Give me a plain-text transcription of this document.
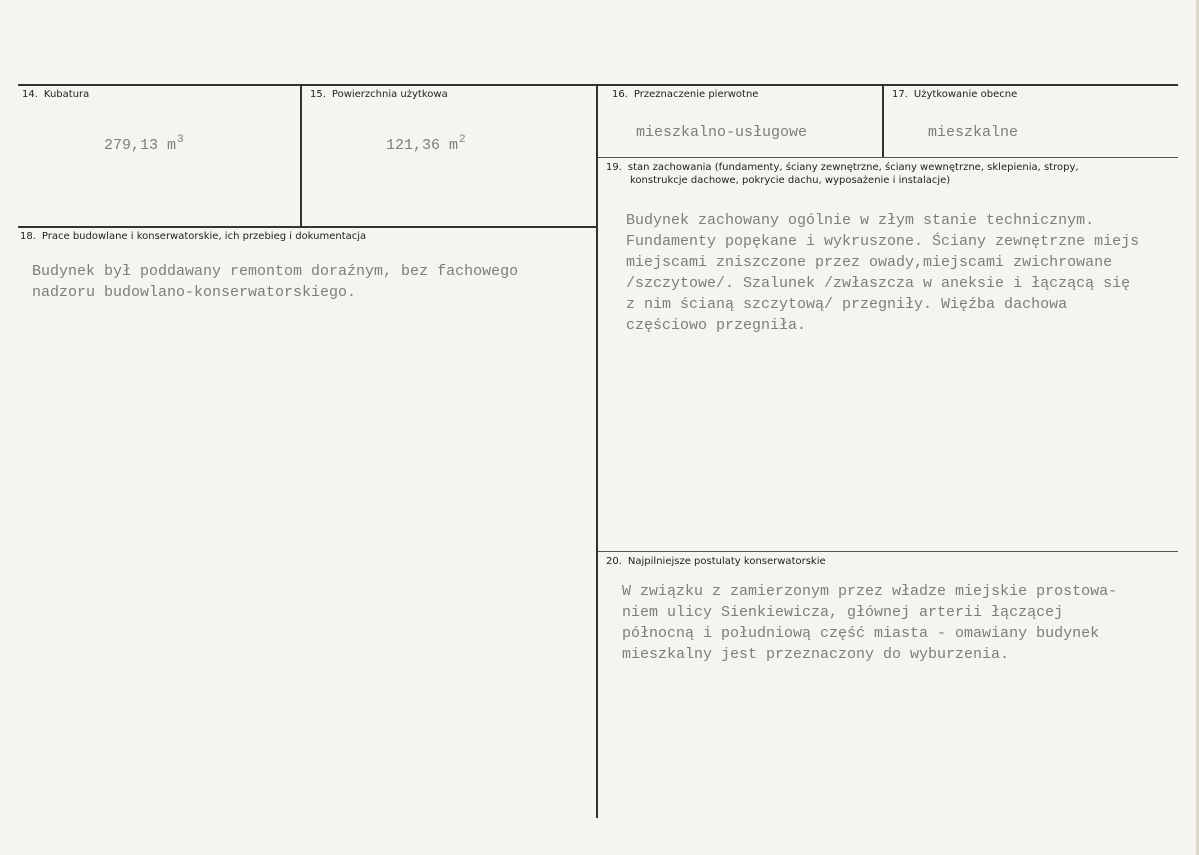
14. Kubatura
279,13 $m^3$
15. Powierzchnia użytkowa
121,36 $m^2$
16. Przeznaczenie pierwotne
mieszkalno-usługowe
17. Użytkowanie obecne
mieszkalne
19. stan zachowania (fundamenty, ściany zewnętrzne, ściany wewnętrzne, sklepienia, stropy,
konstrukcje dachowe, pokrycie dachu, wyposażenie i instalacje)
Budynek zachowany ogólnie w złym stanie technicznym.
Fundamenty popękane i wykruszone. Ściany zewnętrzne miejs
miejscami zniszczone przez owady,miejscami zwichrowane
/szczytowe/. Szalunek /zwłaszcza w aneksie i łączącą się
z nim ścianą szczytową/ przegniły. Więźba dachowa
częściowo przegniła.
18. Prace budowlane i konserwatorskie, ich przebieg i dokumentacja
Budynek był poddawany remontom doraźnym, bez fachowego
nadzoru budowlano-konserwatorskiego.
20. Najpilniejsze postulaty konserwatorskie
W związku z zamierzonym przez władze miejskie prostowa-
niem ulicy Sienkiewicza, głównej arterii łączącej
północną i południową część miasta - omawiany budynek
mieszkalny jest przeznaczony do wyburzenia.
